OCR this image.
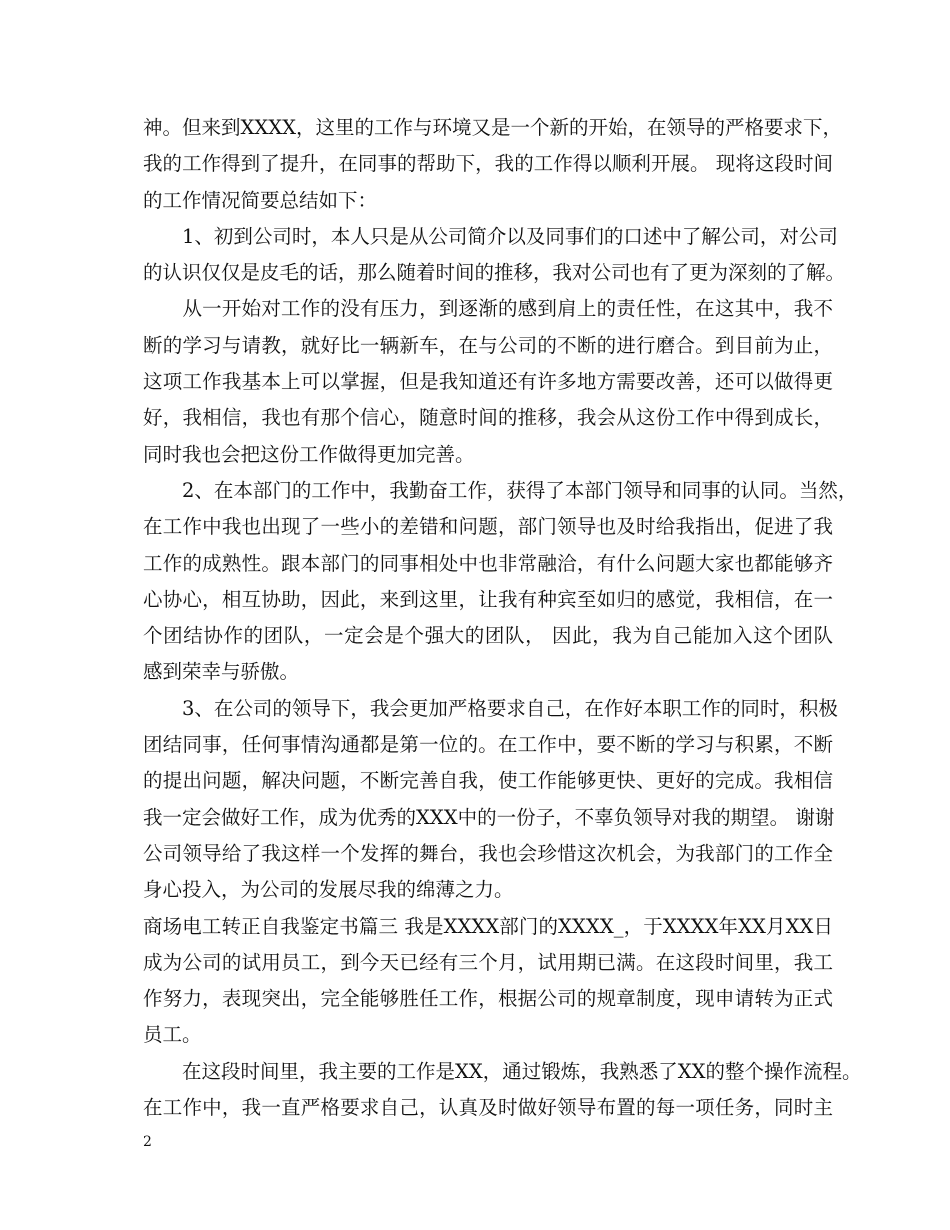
神。但来到XXXX，这里的工作与环境又是一个新的开始，在领导的严格要求下，
我的工作得到了提升，在同事的帮助下，我的工作得以顺利开展。 现将这段时间
的工作情况简要总结如下：
　　1、初到公司时，本人只是从公司简介以及同事们的口述中了解公司，对公司
的认识仅仅是皮毛的话，那么随着时间的推移，我对公司也有了更为深刻的了解。
　　从一开始对工作的没有压力，到逐渐的感到肩上的责任性，在这其中，我不
断的学习与请教，就好比一辆新车，在与公司的不断的进行磨合。到目前为止，
这项工作我基本上可以掌握，但是我知道还有许多地方需要改善，还可以做得更
好，我相信，我也有那个信心，随意时间的推移，我会从这份工作中得到成长，
同时我也会把这份工作做得更加完善。
　　2、在本部门的工作中，我勤奋工作，获得了本部门领导和同事的认同。当然，
在工作中我也出现了一些小的差错和问题，部门领导也及时给我指出，促进了我
工作的成熟性。跟本部门的同事相处中也非常融洽，有什么问题大家也都能够齐
心协心，相互协助，因此，来到这里，让我有种宾至如归的感觉，我相信，在一
个团结协作的团队，一定会是个强大的团队， 因此，我为自己能加入这个团队
感到荣幸与骄傲。
　　3、在公司的领导下，我会更加严格要求自己，在作好本职工作的同时，积极
团结同事，任何事情沟通都是第一位的。在工作中，要不断的学习与积累，不断
的提出问题，解决问题，不断完善自我，使工作能够更快、更好的完成。我相信
我一定会做好工作，成为优秀的XXX中的一份子，不辜负领导对我的期望。 谢谢
公司领导给了我这样一个发挥的舞台，我也会珍惜这次机会，为我部门的工作全
身心投入，为公司的发展尽我的绵薄之力。
商场电工转正自我鉴定书篇三 我是XXXX部门的XXXX_，于XXXX年XX月XX日
成为公司的试用员工，到今天已经有三个月，试用期已满。在这段时间里，我工
作努力，表现突出，完全能够胜任工作，根据公司的规章制度，现申请转为正式
员工。
　　在这段时间里，我主要的工作是XX，通过锻炼，我熟悉了XX的整个操作流程。
在工作中，我一直严格要求自己，认真及时做好领导布置的每一项任务，同时主
2
